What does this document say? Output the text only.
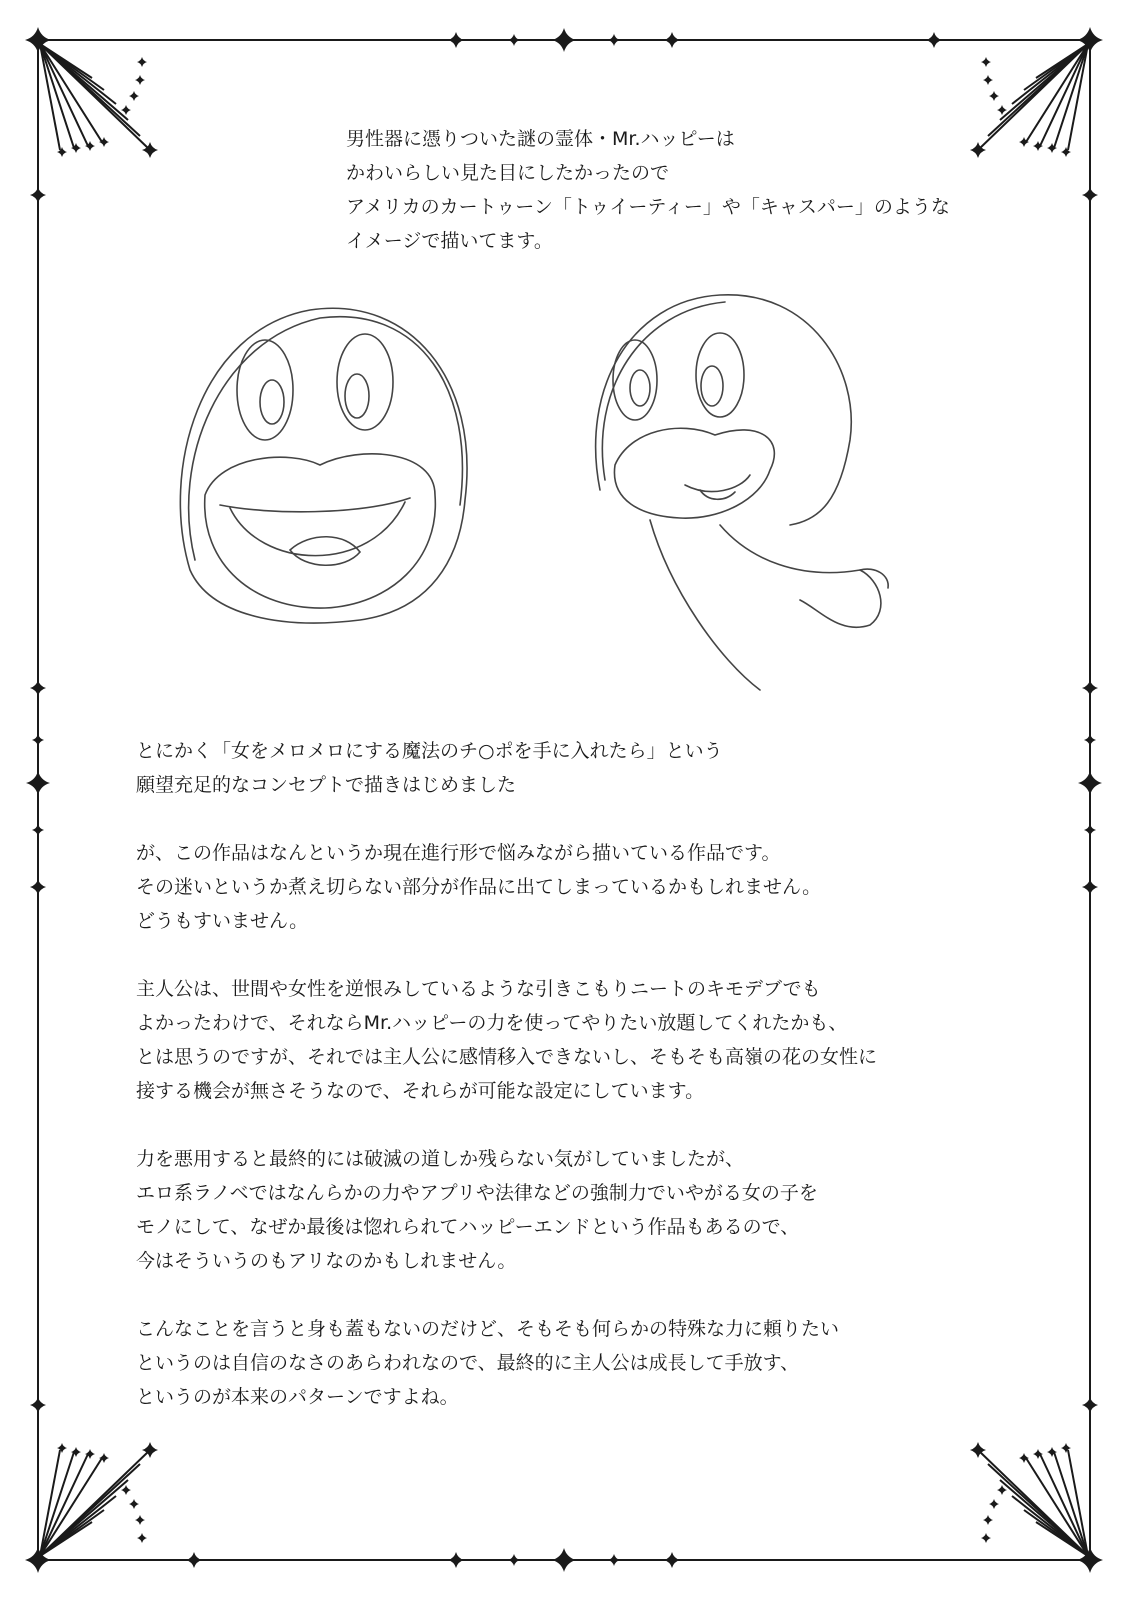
男性器に憑りついた謎の霊体・Mr.ハッピーは
かわいらしい見た目にしたかったので
アメリカのカートゥーン「トゥイーティー」や「キャスパー」のような
イメージで描いてます。
とにかく「女をメロメロにする魔法のチ○ポを手に入れたら」という
願望充足的なコンセプトで描きはじめました
が、この作品はなんというか現在進行形で悩みながら描いている作品です。
その迷いというか煮え切らない部分が作品に出てしまっているかもしれません。
どうもすいません。
主人公は、世間や女性を逆恨みしているような引きこもりニートのキモデブでも
よかったわけで、それならMr.ハッピーの力を使ってやりたい放題してくれたかも、
とは思うのですが、それでは主人公に感情移入できないし、そもそも高嶺の花の女性に
接する機会が無さそうなので、それらが可能な設定にしています。
力を悪用すると最終的には破滅の道しか残らない気がしていましたが、
エロ系ラノベではなんらかの力やアプリや法律などの強制力でいやがる女の子を
モノにして、なぜか最後は惚れられてハッピーエンドという作品もあるので、
今はそういうのもアリなのかもしれません。
こんなことを言うと身も蓋もないのだけど、そもそも何らかの特殊な力に頼りたい
というのは自信のなさのあらわれなので、最終的に主人公は成長して手放す、
というのが本来のパターンですよね。
